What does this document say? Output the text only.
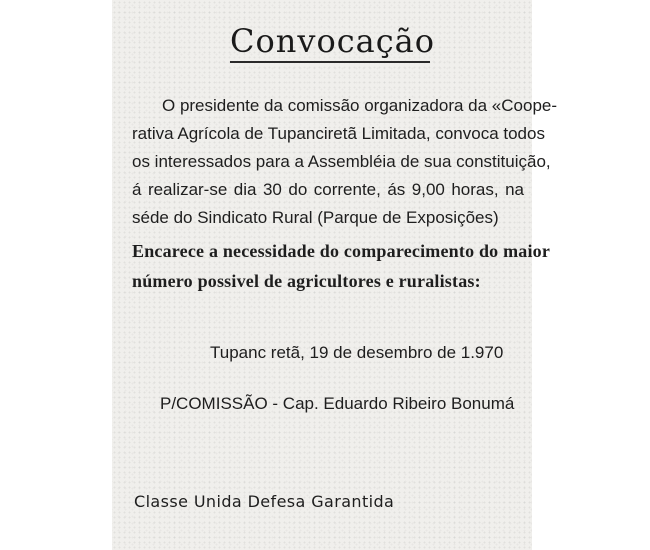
Convocação
O presidente da comissão organizadora da «Coope-
rativa Agrícola de Tupanciretã Limitada, convoca todos
os interessados para a Assembléia de sua constituição,
á realizar-se dia 30 do corrente, ás 9,00 horas, na
séde do Sindicato Rural (Parque de Exposições)
Encarece a necessidade do comparecimento do maior
número possivel de agricultores e ruralistas:
Tupanc retã, 19 de desembro de 1.970
P/COMISSÃO - Cap. Eduardo Ribeiro Bonumá
Classe Unida Defesa Garantida
